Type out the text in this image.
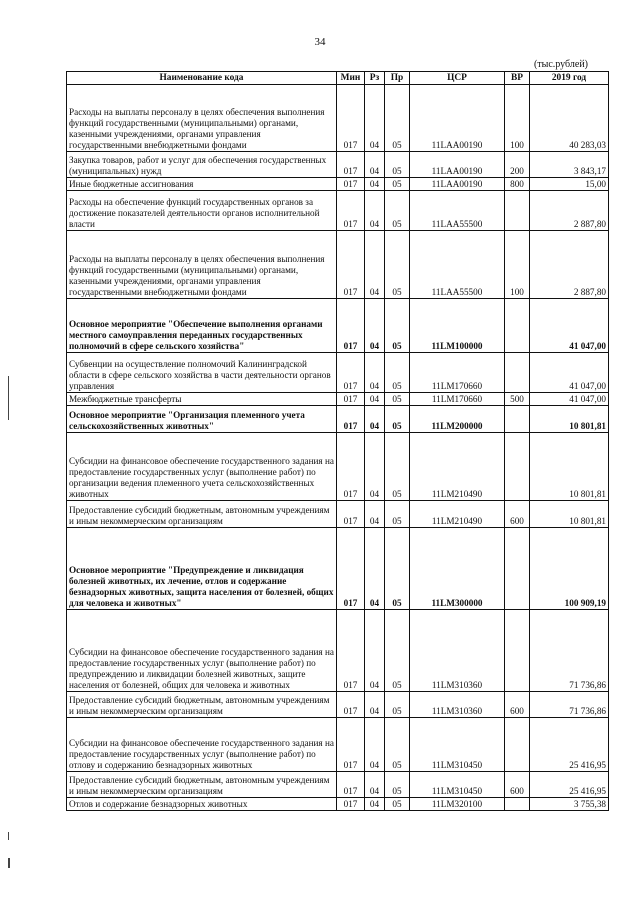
34
(тыс.рублей)
Наименование кода	Мин	Рз	Пр	ЦСР	ВР	2019 год
Расходы на выплаты персоналу в целях обеспечения выполнения функций государственными (муниципальными) органами, казенными учреждениями, органами управления государственными внебюджетными фондами	017	04	05	11LAA00190	100	40 283,03
Закупка товаров, работ и услуг для обеспечения государственных (муниципальных) нужд	017	04	05	11LAA00190	200	3 843,17
Иные бюджетные ассигнования	017	04	05	11LAA00190	800	15,00
Расходы на обеспечение функций государственных органов за достижение показателей деятельности органов исполнительной власти	017	04	05	11LAA55500		2 887,80
Расходы на выплаты персоналу в целях обеспечения выполнения функций государственными (муниципальными) органами, казенными учреждениями, органами управления государственными внебюджетными фондами	017	04	05	11LAA55500	100	2 887,80
Основное мероприятие "Обеспечение выполнения органами местного самоуправления переданных государственных полномочий в сфере сельского хозяйства"	017	04	05	11LM100000		41 047,00
Субвенции на осуществление полномочий Калининградской области в сфере сельского хозяйства в части деятельности органов управления	017	04	05	11LM170660		41 047,00
Межбюджетные трансферты	017	04	05	11LM170660	500	41 047,00
Основное мероприятие "Организация племенного учета сельскохозяйственных животных"	017	04	05	11LM200000		10 801,81
Субсидии на финансовое обеспечение государственного задания на предоставление государственных услуг (выполнение работ) по организации ведения племенного учета сельскохозяйственных животных	017	04	05	11LM210490		10 801,81
Предоставление субсидий бюджетным, автономным учреждениям и иным некоммерческим организациям	017	04	05	11LM210490	600	10 801,81
Основное мероприятие "Предупреждение и ликвидация болезней животных, их лечение, отлов и содержание безнадзорных животных, защита населения от болезней, общих для человека и животных"	017	04	05	11LM300000		100 909,19
Субсидии на финансовое обеспечение государственного задания на предоставление государственных услуг (выполнение работ) по предупреждению и ликвидации болезней животных, защите населения от болезней, общих для человека и животных	017	04	05	11LM310360		71 736,86
Предоставление субсидий бюджетным, автономным учреждениям и иным некоммерческим организациям	017	04	05	11LM310360	600	71 736,86
Субсидии на финансовое обеспечение государственного задания на предоставление государственных услуг (выполнение работ) по отлову и содержанию безнадзорных животных	017	04	05	11LM310450		25 416,95
Предоставление субсидий бюджетным, автономным учреждениям и иным некоммерческим организациям	017	04	05	11LM310450	600	25 416,95
Отлов и содержание безнадзорных животных	017	04	05	11LM320100		3 755,38
